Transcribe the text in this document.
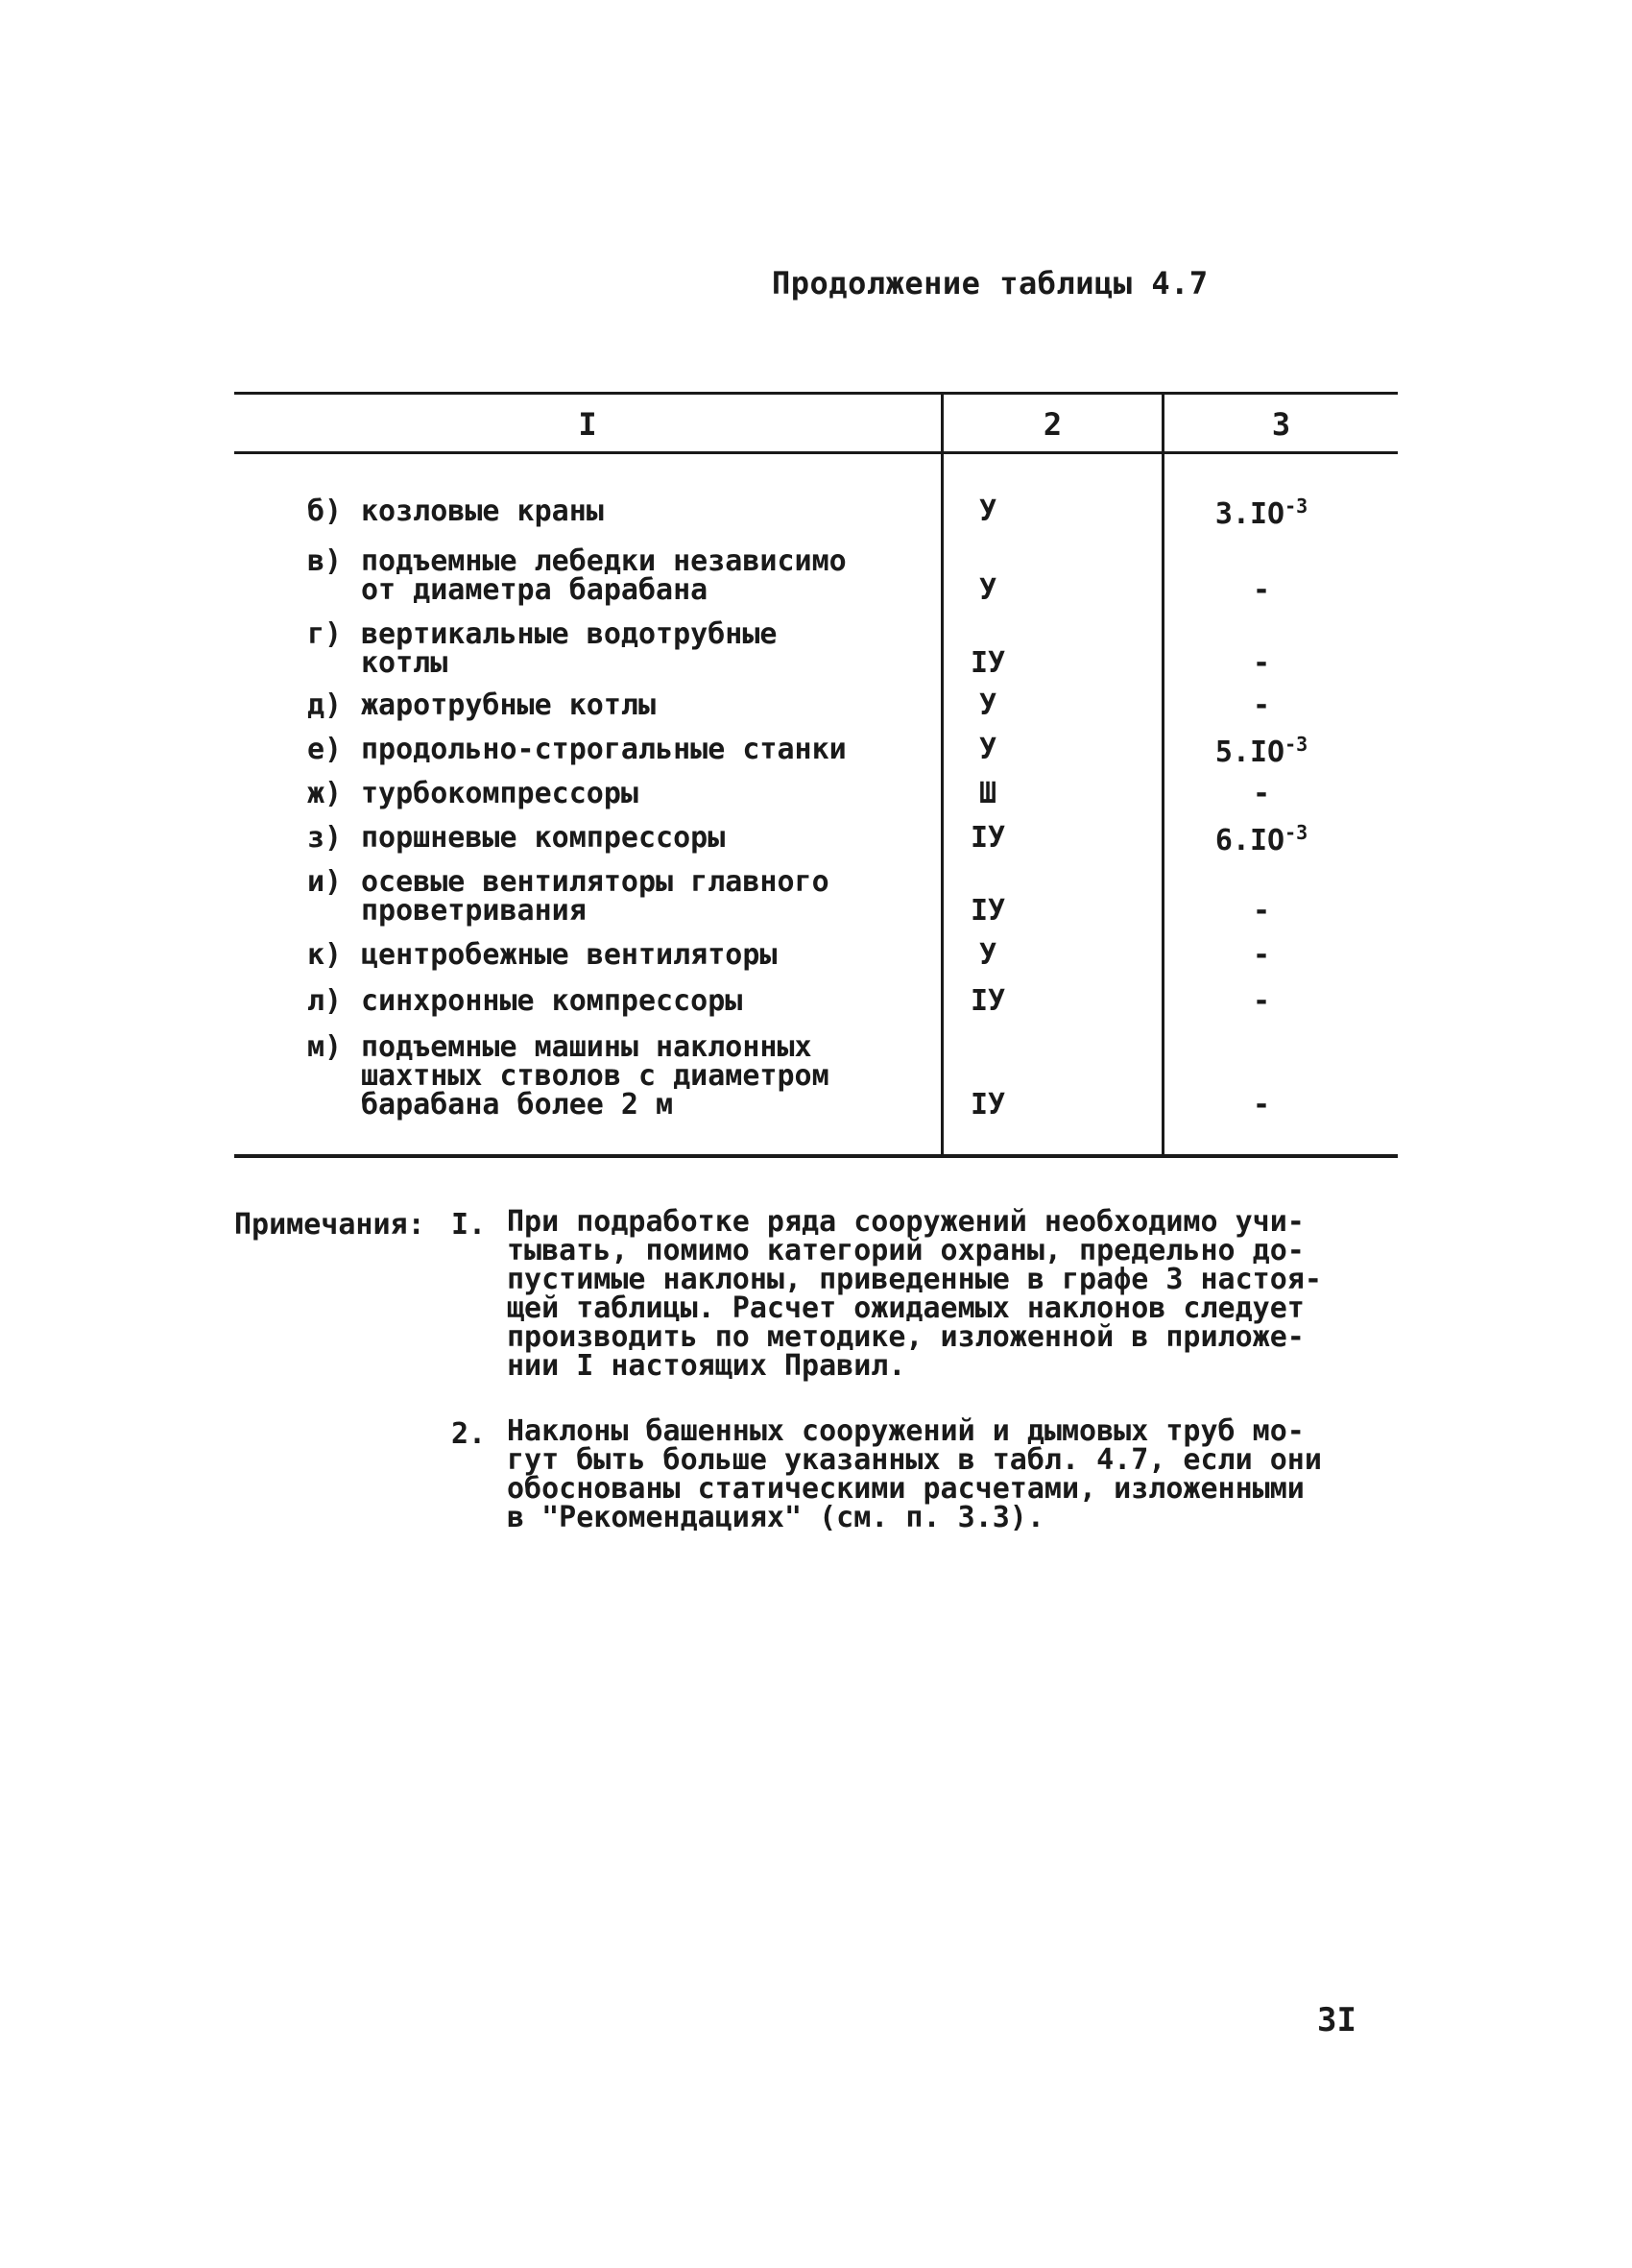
Продолжение таблицы 4.7
I	2	3
б) козловые краны	У	$3.IO^{-3}$
в) подъемные лебедки независимо
от диаметра барабана	У	-
г) вертикальные водотрубные
котлы	IУ	-
д) жаротрубные котлы	У	-
е) продольно-строгальные станки	У	$5.IO^{-3}$
ж) турбокомпрессоры	Ш	-
з) поршневые компрессоры	IУ	$6.IO^{-3}$
и) осевые вентиляторы главного
проветривания	IУ	-
к) центробежные вентиляторы	У	-
л) синхронные компрессоры	IУ	-
м) подъемные машины наклонных
шахтных стволов с диаметром
барабана более 2 м	IУ	-
Примечания: I. При подработке ряда сооружений необходимо учи-
тывать, помимо категорий охраны, предельно до-
пустимые наклоны, приведенные в графе 3 настоя-
щей таблицы. Расчет ожидаемых наклонов следует
производить по методике, изложенной в приложе-
нии I настоящих Правил.
2. Наклоны башенных сооружений и дымовых труб мо-
гут быть больше указанных в табл. 4.7, если они
обоснованы статическими расчетами, изложенными
в "Рекомендациях" (см. п. 3.3).
3I
